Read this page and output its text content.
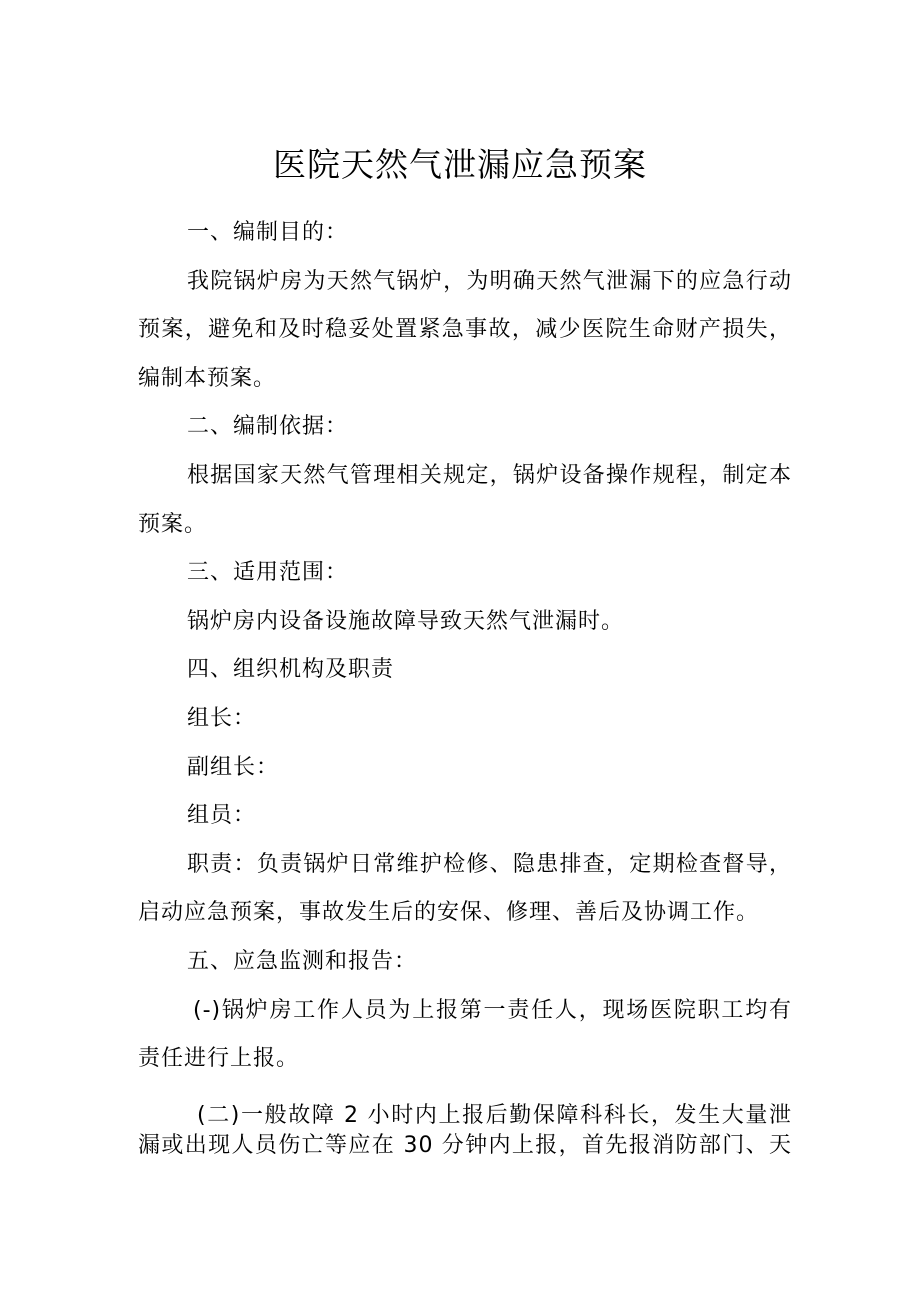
医院天然气泄漏应急预案
一、编制目的：
我院锅炉房为天然气锅炉，为明确天然气泄漏下的应急行动
预案，避免和及时稳妥处置紧急事故，减少医院生命财产损失，
编制本预案。
二、编制依据：
根据国家天然气管理相关规定，锅炉设备操作规程，制定本
预案。
三、适用范围：
锅炉房内设备设施故障导致天然气泄漏时。
四、组织机构及职责
组长：
副组长：
组员：
职责：负责锅炉日常维护检修、隐患排查，定期检查督导，
启动应急预案，事故发生后的安保、修理、善后及协调工作。
五、应急监测和报告：
(-)锅炉房工作人员为上报第一责任人，现场医院职工均有
责任进行上报。
(二)一般故障 2 小时内上报后勤保障科科长，发生大量泄
漏或出现人员伤亡等应在 30 分钟内上报，首先报消防部门、天
